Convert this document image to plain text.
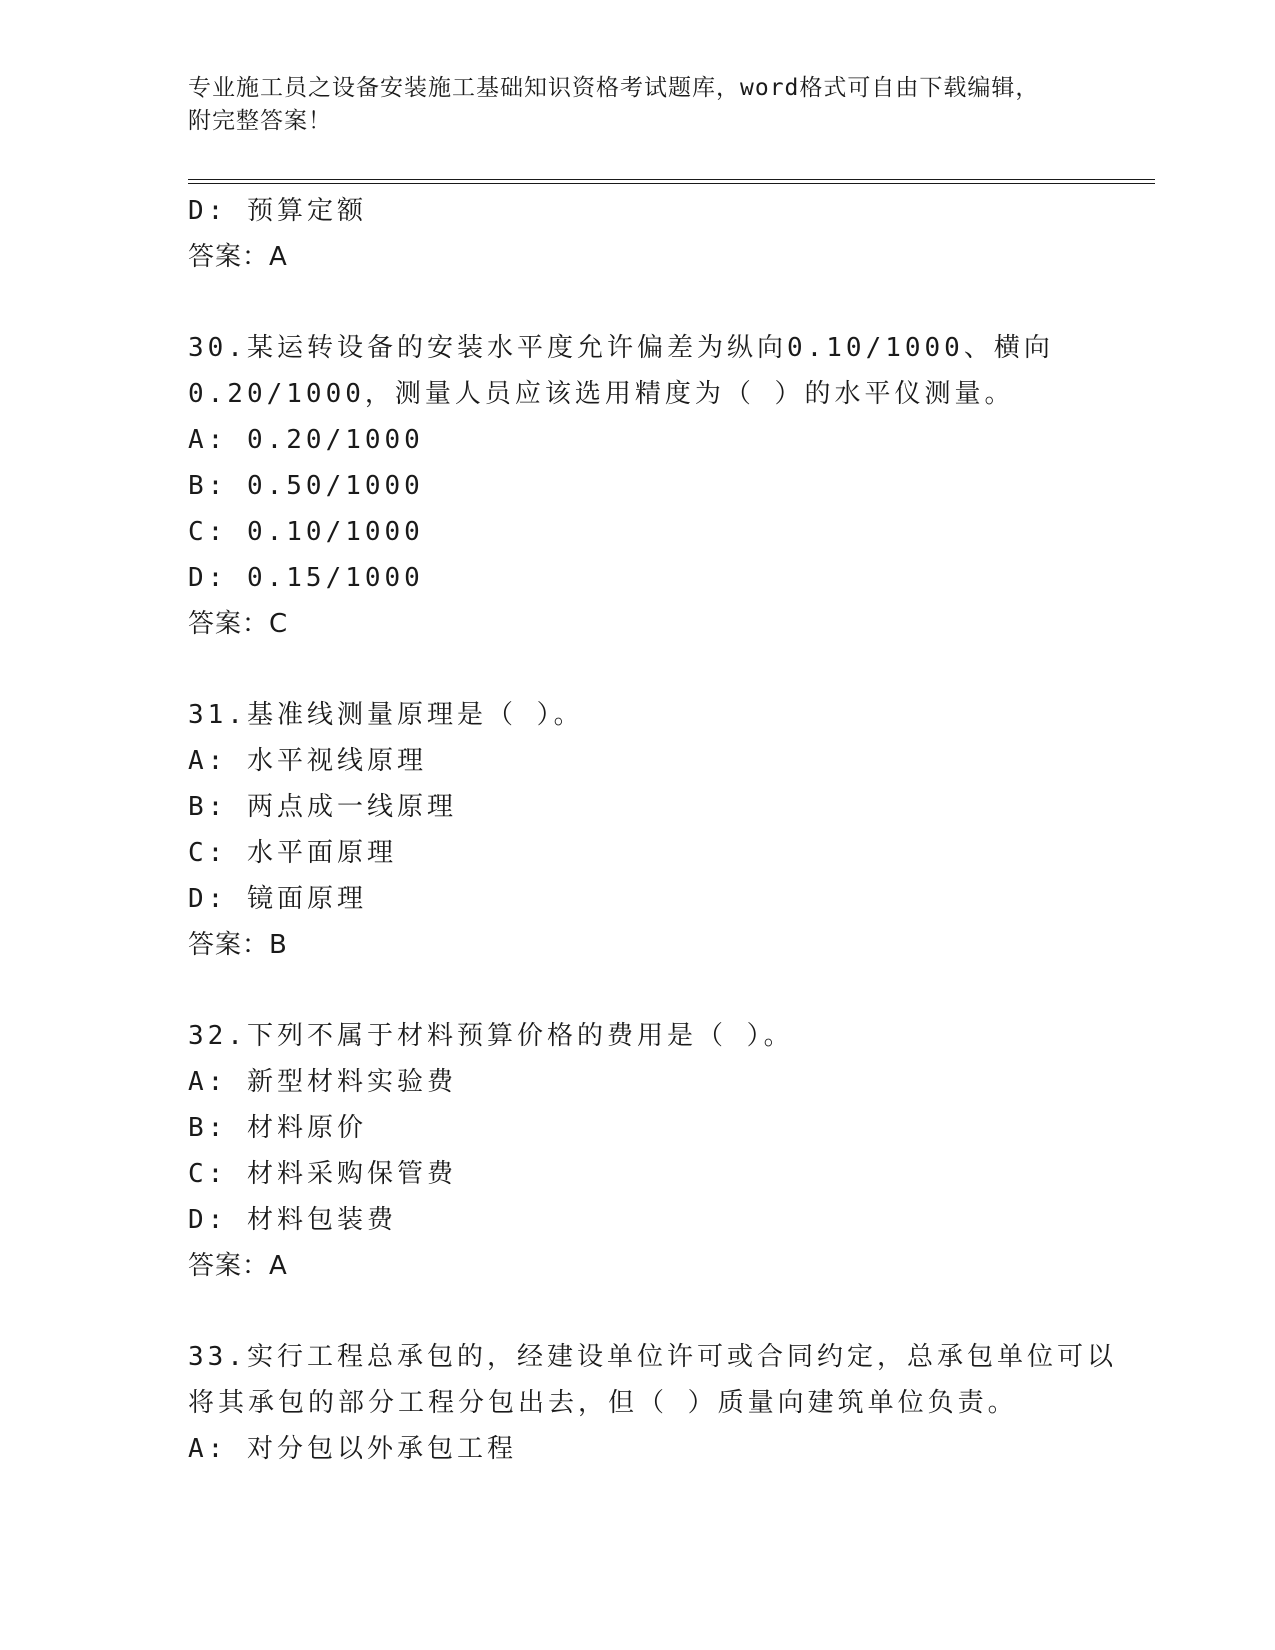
专业施工员之设备安装施工基础知识资格考试题库，word格式可自由下载编辑，
附完整答案！
D: 预算定额
答案：A
30.某运转设备的安装水平度允许偏差为纵向0.10/1000、横向
0.20/1000，测量人员应该选用精度为（ ）的水平仪测量。
A: 0.20/1000
B: 0.50/1000
C: 0.10/1000
D: 0.15/1000
答案：C
31.基准线测量原理是（ ）。
A: 水平视线原理
B: 两点成一线原理
C: 水平面原理
D: 镜面原理
答案：B
32.下列不属于材料预算价格的费用是（ ）。
A: 新型材料实验费
B: 材料原价
C: 材料采购保管费
D: 材料包装费
答案：A
33.实行工程总承包的，经建设单位许可或合同约定，总承包单位可以
将其承包的部分工程分包出去，但（ ）质量向建筑单位负责。
A: 对分包以外承包工程
